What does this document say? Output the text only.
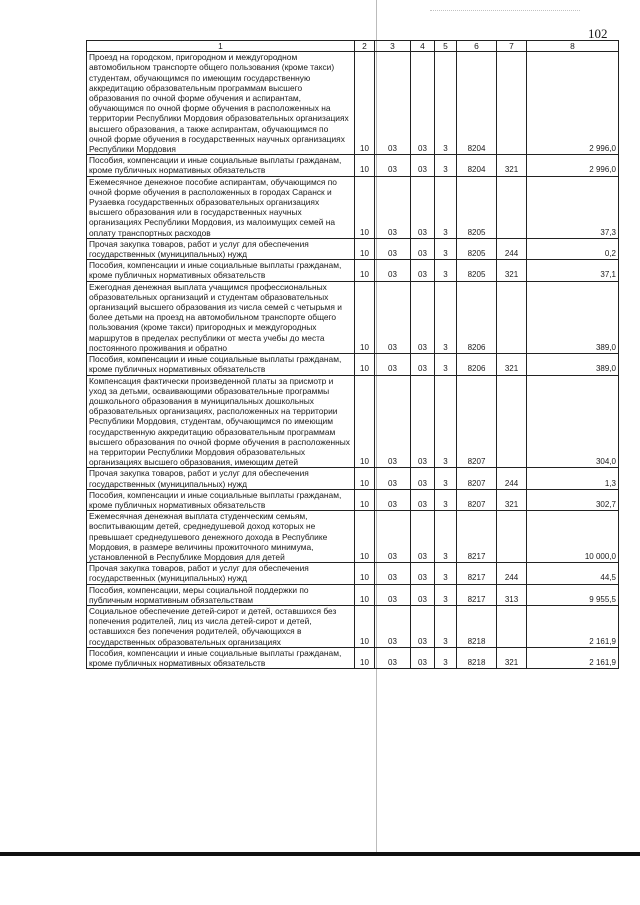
102
1	2	3	4	5	6	7	8
Проезд на городском, пригородном и междугородном автомобильном транспорте общего пользования (кроме такси) студентам, обучающимся по имеющим государственную аккредитацию образовательным программам высшего образования по очной форме обучения и аспирантам, обучающимся по очной форме обучения в расположенных на территории Республики Мордовия образовательных организациях высшего образования, а также аспирантам, обучающимся по очной форме обучения в государственных научных организациях Республики Мордовия	10	03	03	3	8204		2 996,0
Пособия, компенсации и иные социальные выплаты гражданам, кроме публичных нормативных обязательств	10	03	03	3	8204	321	2 996,0
Ежемесячное денежное пособие аспирантам, обучающимся по очной форме обучения в расположенных в городах Саранск и Рузаевка государственных образовательных организациях высшего образования или в государственных научных организациях Республики Мордовия, из малоимущих семей на оплату транспортных расходов	10	03	03	3	8205		37,3
Прочая закупка товаров, работ и услуг для обеспечения государственных (муниципальных) нужд	10	03	03	3	8205	244	0,2
Пособия, компенсации и иные социальные выплаты гражданам, кроме публичных нормативных обязательств	10	03	03	3	8205	321	37,1
Ежегодная денежная выплата учащимся профессиональных образовательных организаций и студентам образовательных организаций высшего образования из числа семей с четырьмя и более детьми на проезд на автомобильном транспорте общего пользования (кроме такси) пригородных и междугородных маршрутов в пределах республики от места учебы до места постоянного проживания и обратно	10	03	03	3	8206		389,0
Пособия, компенсации и иные социальные выплаты гражданам, кроме публичных нормативных обязательств	10	03	03	3	8206	321	389,0
Компенсация фактически произведенной платы за присмотр и уход за детьми, осваивающими образовательные программы дошкольного образования в муниципальных дошкольных образовательных организациях, расположенных на территории Республики Мордовия, студентам, обучающимся по имеющим государственную аккредитацию образовательным программам высшего образования по очной форме обучения в расположенных на территории Республики Мордовия образовательных организациях высшего образования, имеющим детей	10	03	03	3	8207		304,0
Прочая закупка товаров, работ и услуг для обеспечения государственных (муниципальных) нужд	10	03	03	3	8207	244	1,3
Пособия, компенсации и иные социальные выплаты гражданам, кроме публичных нормативных обязательств	10	03	03	3	8207	321	302,7
Ежемесячная денежная выплата студенческим семьям, воспитывающим детей, среднедушевой доход которых не превышает среднедушевого денежного дохода в Республике Мордовия, в размере величины прожиточного минимума, установленной в Республике Мордовия для детей	10	03	03	3	8217		10 000,0
Прочая закупка товаров, работ и услуг для обеспечения государственных (муниципальных) нужд	10	03	03	3	8217	244	44,5
Пособия, компенсации, меры социальной поддержки по публичным нормативным обязательствам	10	03	03	3	8217	313	9 955,5
Социальное обеспечение детей-сирот и детей, оставшихся без попечения родителей, лиц из числа детей-сирот и детей, оставшихся без попечения родителей, обучающихся в государственных образовательных организациях	10	03	03	3	8218		2 161,9
Пособия, компенсации и иные социальные выплаты гражданам, кроме публичных нормативных обязательств	10	03	03	3	8218	321	2 161,9
